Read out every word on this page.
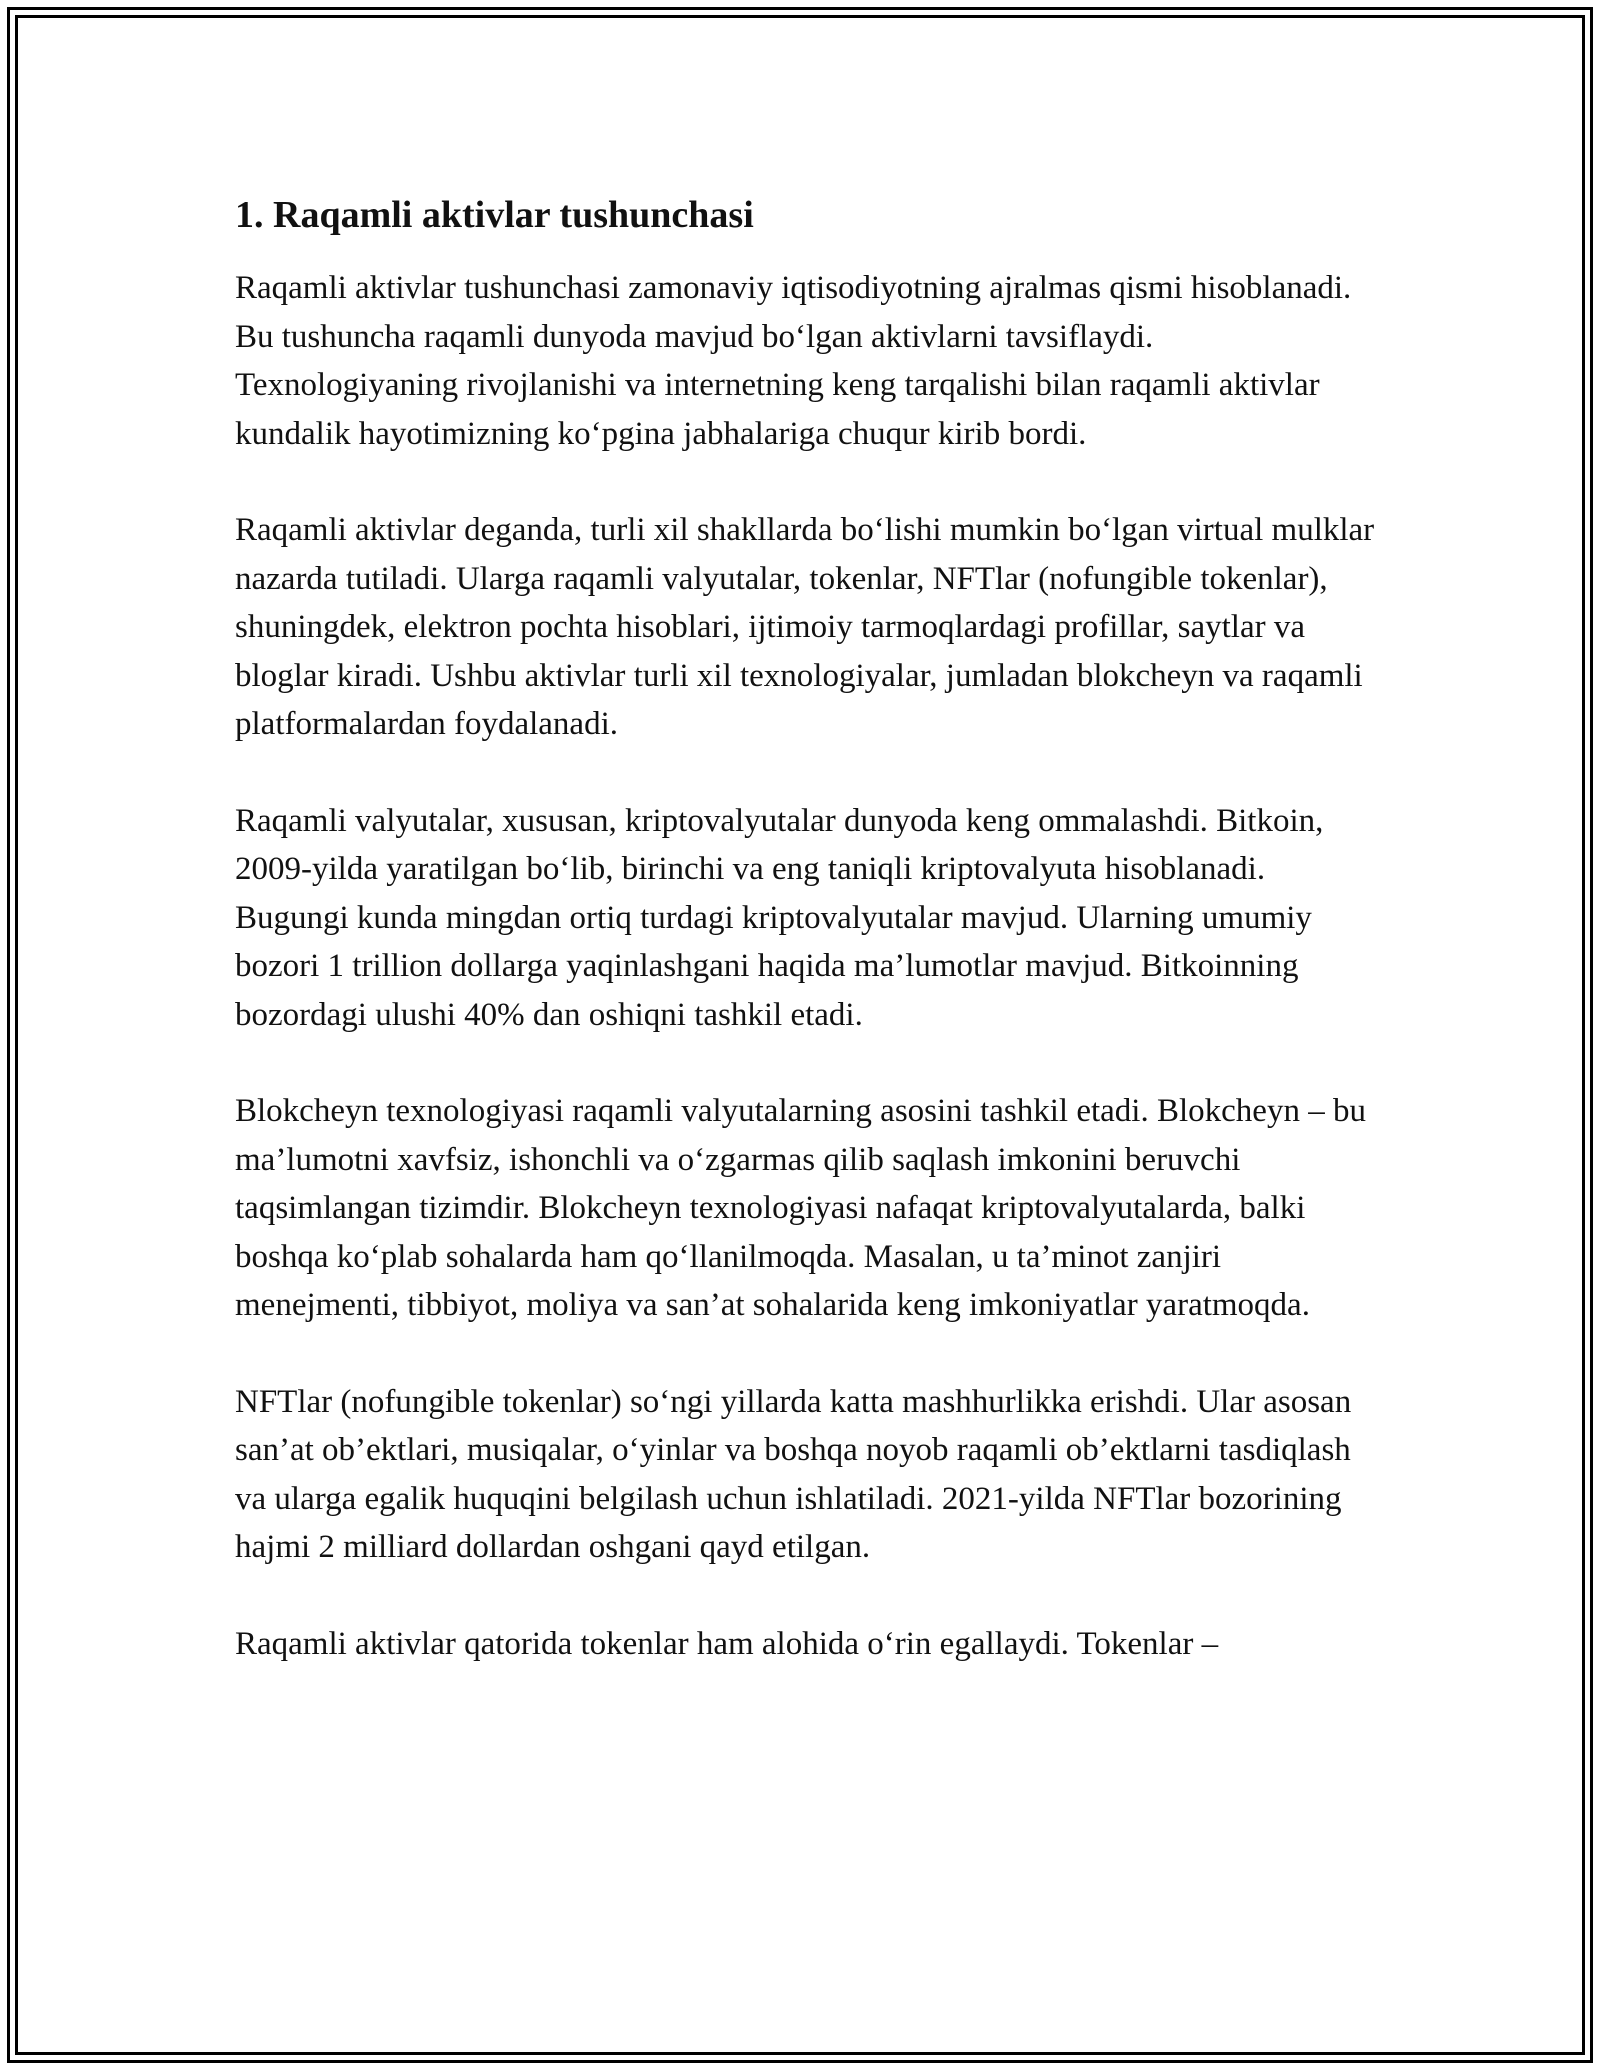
1. Raqamli aktivlar tushunchasi

Raqamli aktivlar tushunchasi zamonaviy iqtisodiyotning ajralmas qismi hisoblanadi. Bu tushuncha raqamli dunyoda mavjud bo‘lgan aktivlarni tavsiflaydi. Texnologiyaning rivojlanishi va internetning keng tarqalishi bilan raqamli aktivlar kundalik hayotimizning ko‘pgina jabhalariga chuqur kirib bordi.

Raqamli aktivlar deganda, turli xil shakllarda bo‘lishi mumkin bo‘lgan virtual mulklar nazarda tutiladi. Ularga raqamli valyutalar, tokenlar, NFTlar (nofungible tokenlar), shuningdek, elektron pochta hisoblari, ijtimoiy tarmoqlardagi profillar, saytlar va bloglar kiradi. Ushbu aktivlar turli xil texnologiyalar, jumladan blokcheyn va raqamli platformalardan foydalanadi.

Raqamli valyutalar, xususan, kriptovalyutalar dunyoda keng ommalashdi. Bitkoin, 2009-yilda yaratilgan bo‘lib, birinchi va eng taniqli kriptovalyuta hisoblanadi. Bugungi kunda mingdan ortiq turdagi kriptovalyutalar mavjud. Ularning umumiy bozori 1 trillion dollarga yaqinlashgani haqida ma’lumotlar mavjud. Bitkoinning bozordagi ulushi 40% dan oshiqni tashkil etadi.

Blokcheyn texnologiyasi raqamli valyutalarning asosini tashkil etadi. Blokcheyn – bu ma’lumotni xavfsiz, ishonchli va o‘zgarmas qilib saqlash imkonini beruvchi taqsimlangan tizimdir. Blokcheyn texnologiyasi nafaqat kriptovalyutalarda, balki boshqa ko‘plab sohalarda ham qo‘llanilmoqda. Masalan, u ta’minot zanjiri menejmenti, tibbiyot, moliya va san’at sohalarida keng imkoniyatlar yaratmoqda.

NFTlar (nofungible tokenlar) so‘ngi yillarda katta mashhurlikka erishdi. Ular asosan san’at ob’ektlari, musiqalar, o‘yinlar va boshqa noyob raqamli ob’ektlarni tasdiqlash va ularga egalik huquqini belgilash uchun ishlatiladi. 2021-yilda NFTlar bozorining hajmi 2 milliard dollardan oshgani qayd etilgan.

Raqamli aktivlar qatorida tokenlar ham alohida o‘rin egallaydi. Tokenlar –
